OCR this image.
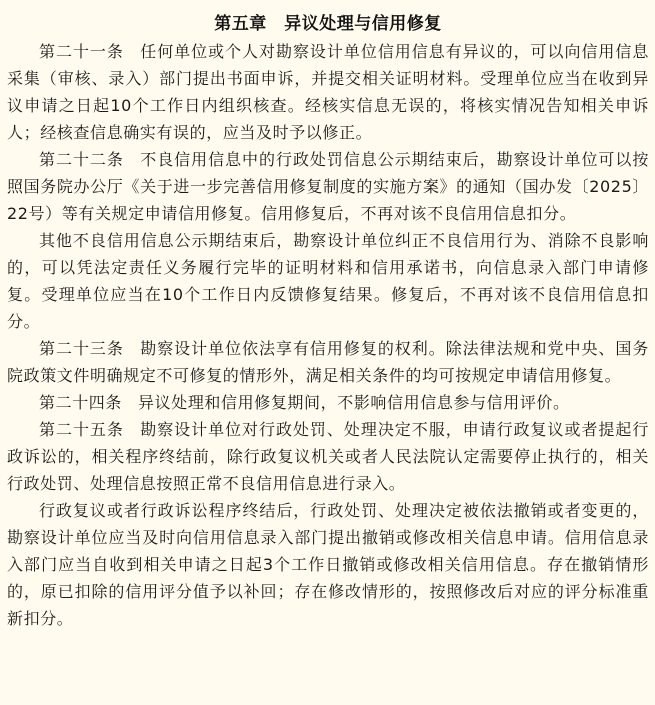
第五章　异议处理与信用修复

第二十一条 任何单位或个人对勘察设计单位信用信息有异议的，可以向信用信息采集（审核、录入）部门提出书面申诉，并提交相关证明材料。受理单位应当在收到异议申请之日起10个工作日内组织核查。经核实信息无误的，将核实情况告知相关申诉人；经核查信息确实有误的，应当及时予以修正。

第二十二条 不良信用信息中的行政处罚信息公示期结束后，勘察设计单位可以按照国务院办公厅《关于进一步完善信用修复制度的实施方案》的通知（国办发〔2025〕22号）等有关规定申请信用修复。信用修复后，不再对该不良信用信息扣分。

其他不良信用信息公示期结束后，勘察设计单位纠正不良信用行为、消除不良影响的，可以凭法定责任义务履行完毕的证明材料和信用承诺书，向信息录入部门申请修复。受理单位应当在10个工作日内反馈修复结果。修复后，不再对该不良信用信息扣分。

第二十三条 勘察设计单位依法享有信用修复的权利。除法律法规和党中央、国务院政策文件明确规定不可修复的情形外，满足相关条件的均可按规定申请信用修复。

第二十四条 异议处理和信用修复期间，不影响信用信息参与信用评价。

第二十五条 勘察设计单位对行政处罚、处理决定不服，申请行政复议或者提起行政诉讼的，相关程序终结前，除行政复议机关或者人民法院认定需要停止执行的，相关行政处罚、处理信息按照正常不良信用信息进行录入。

行政复议或者行政诉讼程序终结后，行政处罚、处理决定被依法撤销或者变更的，勘察设计单位应当及时向信用信息录入部门提出撤销或修改相关信息申请。信用信息录入部门应当自收到相关申请之日起3个工作日撤销或修改相关信用信息。存在撤销情形的，原已扣除的信用评分值予以补回；存在修改情形的，按照修改后对应的评分标准重新扣分。
